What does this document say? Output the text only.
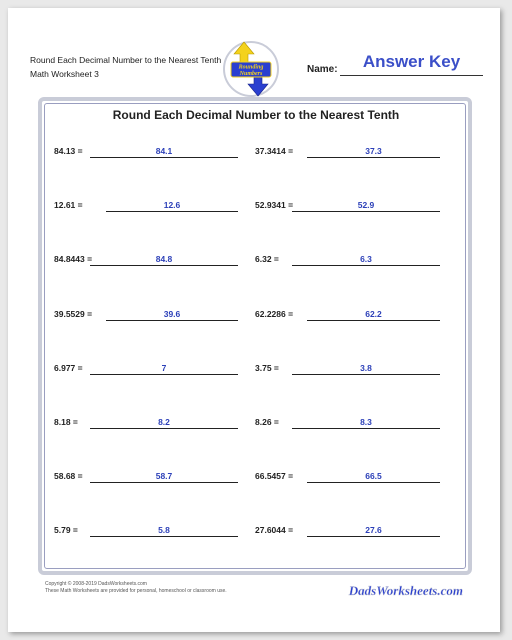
Round Each Decimal Number to the Nearest Tenth
Math Worksheet 3
Rounding
Numbers	Name:	Answer Key
Round Each Decimal Number to the Nearest Tenth
84.13 =	84.1
12.61 =	12.6
84.8443 =	84.8
39.5529 =	39.6
6.977 =	7
8.18 =	8.2
58.68 =	58.7
5.79 =	5.8
37.3414 =	37.3
52.9341 =	52.9
6.32 =	6.3
62.2286 =	62.2
3.75 =	3.8
8.26 =	8.3
66.5457 =	66.5
27.6044 =	27.6
Copyright © 2008-2019 DadsWorksheets.com
These Math Worksheets are provided for personal, homeschool or classroom use.	DadsWorksheets.com
